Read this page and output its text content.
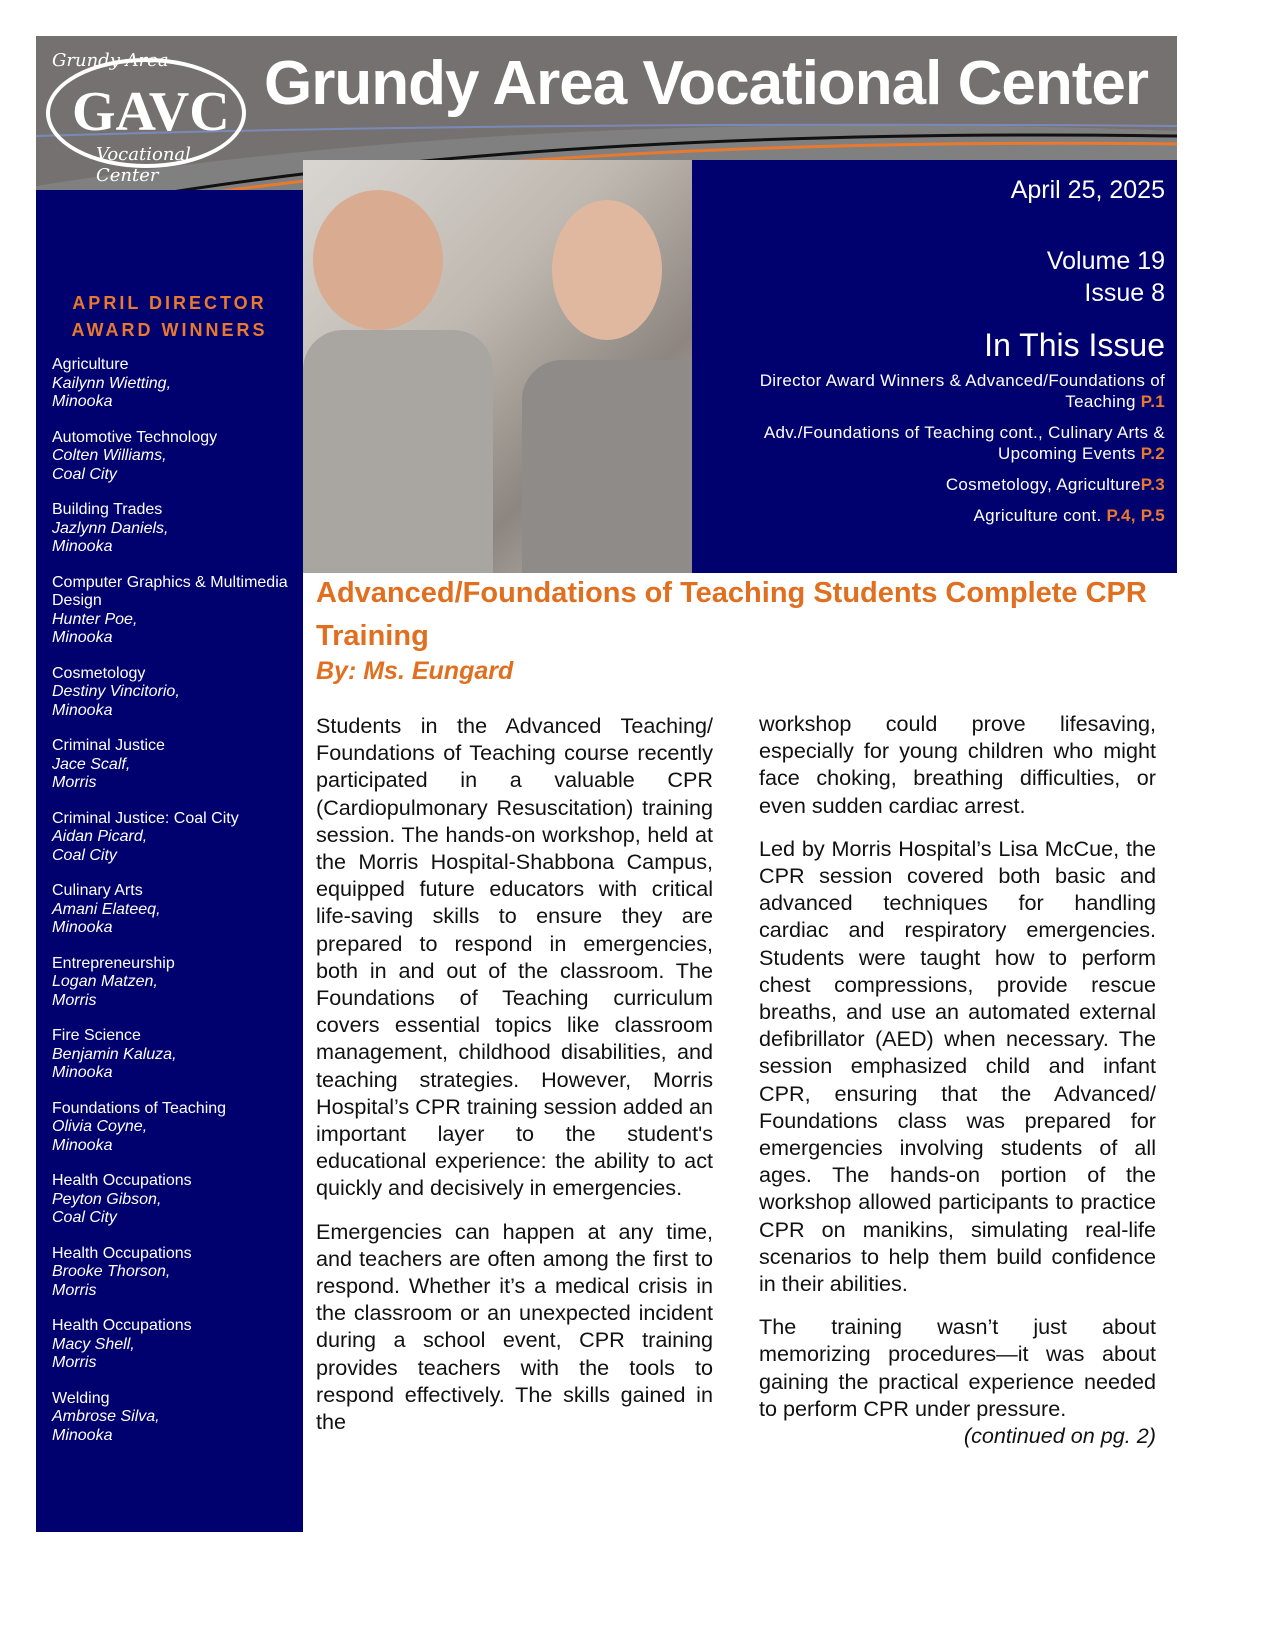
Grundy Area
GAVC
Vocational Center
Grundy Area Vocational Center
APRIL DIRECTOR AWARD WINNERS
Agriculture
Kailynn Wietting,
Minooka
Automotive Technology
Colten Williams,
Coal City
Building Trades
Jazlynn Daniels,
Minooka
Computer Graphics & Multimedia Design
Hunter Poe,
Minooka
Cosmetology
Destiny Vincitorio,
Minooka
Criminal Justice
Jace Scalf,
Morris
Criminal Justice: Coal City
Aidan Picard,
Coal City
Culinary Arts
Amani Elateeq,
Minooka
Entrepreneurship
Logan Matzen,
Morris
Fire Science
Benjamin Kaluza,
Minooka
Foundations of Teaching
Olivia Coyne,
Minooka
Health Occupations
Peyton Gibson,
Coal City
Health Occupations
Brooke Thorson,
Morris
Health Occupations
Macy Shell,
Morris
Welding
Ambrose Silva,
Minooka
April 25, 2025
Volume 19
Issue 8
In This Issue
Director Award Winners & Advanced/Foundations of Teaching P.1
Adv./Foundations of Teaching cont., Culinary Arts & Upcoming Events P.2
Cosmetology, AgricultureP.3
Agriculture cont. P.4, P.5
Advanced/Foundations of Teaching Students Complete CPR Training
By: Ms. Eungard

Students in the Advanced Teaching/ Foundations of Teaching course recently participated in a valuable CPR (Cardiopulmonary Resuscitation) training session. The hands-on workshop, held at the Morris Hospital-Shabbona Campus, equipped future educators with critical life-saving skills to ensure they are prepared to respond in emergencies, both in and out of the classroom. The Foundations of Teaching curriculum covers essential topics like classroom management, childhood disabilities, and teaching strategies. However, Morris Hospital’s CPR training session added an important layer to the student's educational experience: the ability to act quickly and decisively in emergencies.

Emergencies can happen at any time, and teachers are often among the first to respond. Whether it’s a medical crisis in the classroom or an unexpected incident during a school event, CPR training provides teachers with the tools to respond effectively. The skills gained in the

workshop could prove lifesaving, especially for young children who might face choking, breathing difficulties, or even sudden cardiac arrest.

Led by Morris Hospital’s Lisa McCue, the CPR session covered both basic and advanced techniques for handling cardiac and respiratory emergencies. Students were taught how to perform chest compressions, provide rescue breaths, and use an automated external defibrillator (AED) when necessary. The session emphasized child and infant CPR, ensuring that the Advanced/ Foundations class was prepared for emergencies involving students of all ages. The hands-on portion of the workshop allowed participants to practice CPR on manikins, simulating real-life scenarios to help them build confidence in their abilities.

The training wasn’t just about memorizing procedures—it was about gaining the practical experience needed to perform CPR under pressure.

(continued on pg. 2)
